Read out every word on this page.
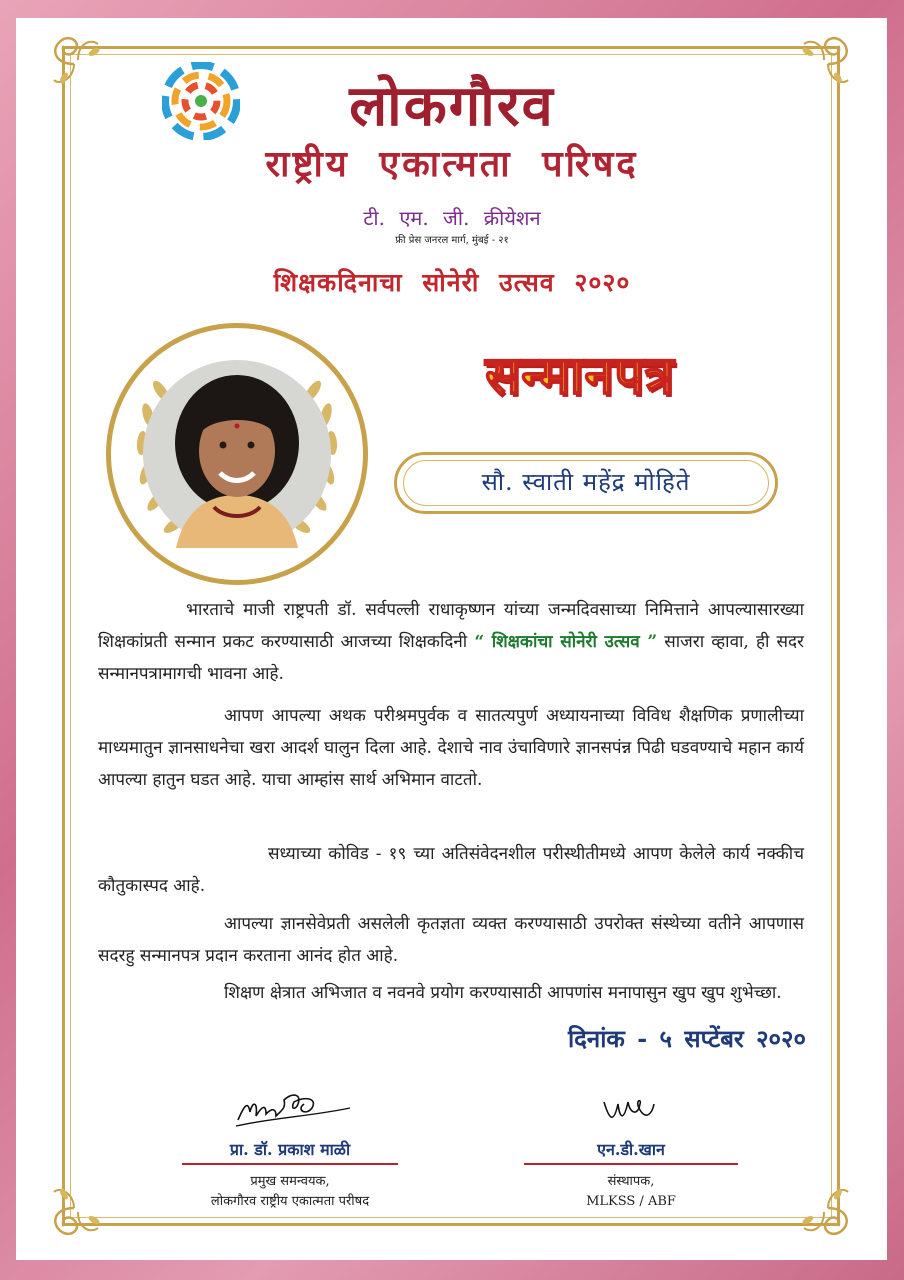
लोकगौरव
राष्ट्रीय एकात्मता परिषद
टी. एम. जी. क्रीयेशन
फ्री प्रेस जनरल मार्ग, मुंबई - २१
शिक्षकदिनाचा सोनेरी उत्सव २०२०
सन्मानपत्र
सौ. स्वाती महेंद्र मोहिते
भारताचे माजी राष्ट्रपती डॉ. सर्वपल्ली राधाकृष्णन यांच्या जन्मदिवसाच्या निमित्ताने आपल्यासारख्या शिक्षकांप्रती सन्मान प्रकट करण्यासाठी आजच्या शिक्षकदिनी “ शिक्षकांचा सोनेरी उत्सव ” साजरा व्हावा, ही सदर सन्मानपत्रामागची भावना आहे.
आपण आपल्या अथक परीश्रमपुर्वक व सातत्यपुर्ण अध्यायनाच्या विविध शैक्षणिक प्रणालीच्या माध्यमातुन ज्ञानसाधनेचा खरा आदर्श घालुन दिला आहे. देशाचे नाव उंचाविणारे ज्ञानसपंन्न पिढी घडवण्याचे महान कार्य आपल्या हातुन घडत आहे. याचा आम्हांस सार्थ अभिमान वाटतो.
सध्याच्या कोविड - १९ च्या अतिसंवेदनशील परीस्थीतीमध्ये आपण केलेले कार्य नक्कीच कौतुकास्पद आहे.
आपल्या ज्ञानसेवेप्रती असलेली कृतज्ञता व्यक्त करण्यासाठी उपरोक्त संस्थेच्या वतीने आपणास सदरहु सन्मानपत्र प्रदान करताना आनंद होत आहे.
शिक्षण क्षेत्रात अभिजात व नवनवे प्रयोग करण्यासाठी आपणांस मनापासुन खुप खुप शुभेच्छा.
दिनांक - ५ सप्टेंबर २०२०
प्रा. डॉ. प्रकाश माळी
प्रमुख समन्वयक,
लोकगौरव राष्ट्रीय एकात्मता परीषद
एन.डी.खान
संस्थापक,
MLKSS / ABF
